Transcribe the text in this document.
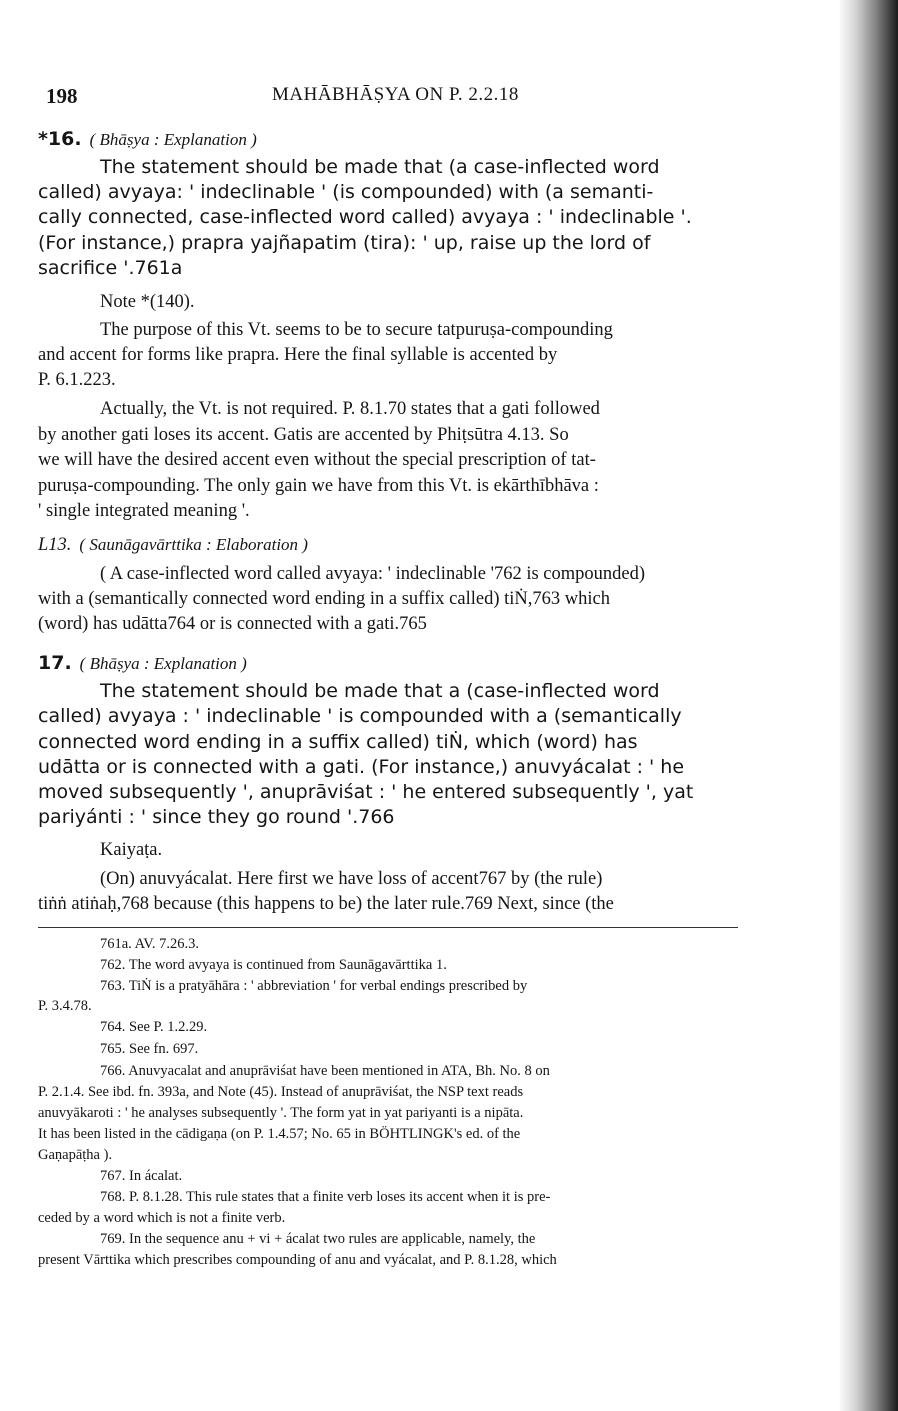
198	MAHĀBHĀṢYA ON P. 2.2.18
*16. ( Bhāṣya : Explanation )
The statement should be made that (a case-inflected word
called) avyaya: ' indeclinable ' (is compounded) with (a semanti-
cally connected, case-inflected word called) avyaya : ' indeclinable '.
(For instance,) prapra yajñapatim (tira): ' up, raise up the lord of
sacrifice '.761a
Note *(140).
The purpose of this Vt. seems to be to secure tatpuruṣa-compounding
and accent for forms like prapra. Here the final syllable is accented by
P. 6.1.223.
Actually, the Vt. is not required. P. 8.1.70 states that a gati followed
by another gati loses its accent. Gatis are accented by Phiṭsūtra 4.13. So
we will have the desired accent even without the special prescription of tat-
puruṣa-compounding. The only gain we have from this Vt. is ekārthībhāva :
' single integrated meaning '.
L13. ( Saunāgavārttika : Elaboration )
( A case-inflected word called avyaya: ' indeclinable '762 is compounded)
with a (semantically connected word ending in a suffix called) tiṄ,763 which
(word) has udātta764 or is connected with a gati.765
17. ( Bhāṣya : Explanation )
The statement should be made that a (case-inflected word
called) avyaya : ' indeclinable ' is compounded with a (semantically
connected word ending in a suffix called) tiṄ, which (word) has
udātta or is connected with a gati. (For instance,) anuvyácalat : ' he
moved subsequently ', anuprāviśat : ' he entered subsequently ', yat
pariyánti : ' since they go round '.766
Kaiyaṭa.
(On) anuvyácalat. Here first we have loss of accent767 by (the rule)
tiṅṅ atiṅaḥ,768 because (this happens to be) the later rule.769 Next, since (the
761a. AV. 7.26.3.
762. The word avyaya is continued from Saunāgavārttika 1.
763. TiṄ is a pratyāhāra : ' abbreviation ' for verbal endings prescribed by
P. 3.4.78.
764. See P. 1.2.29.
765. See fn. 697.
766. Anuvyacalat and anuprāviśat have been mentioned in ATA, Bh. No. 8 on
P. 2.1.4. See ibd. fn. 393a, and Note (45). Instead of anuprāviśat, the NSP text reads
anuvyākaroti : ' he analyses subsequently '. The form yat in yat pariyanti is a nipāta.
It has been listed in the cādigaṇa (on P. 1.4.57; No. 65 in BÖHTLINGK's ed. of the
Gaṇapāṭha ).
767. In ácalat.
768. P. 8.1.28. This rule states that a finite verb loses its accent when it is pre-
ceded by a word which is not a finite verb.
769. In the sequence anu + vi + ácalat two rules are applicable, namely, the
present Vārttika which prescribes compounding of anu and vyácalat, and P. 8.1.28, which
